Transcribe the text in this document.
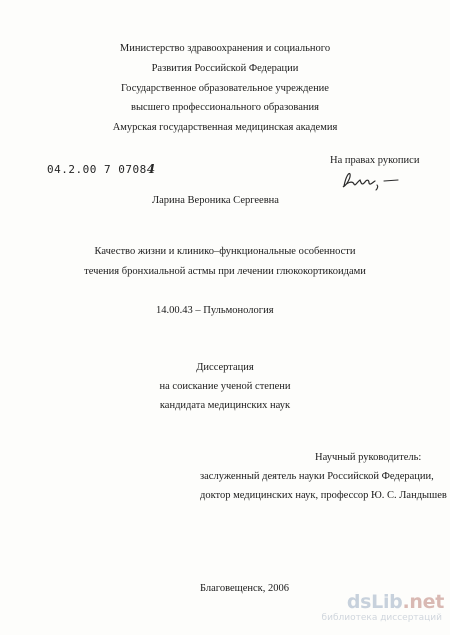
Министерство здравоохранения и социального
Развития Российской Федерации
Государственное образовательное учреждение
высшего профессионального образования
Амурская государственная медицинская академия
На правах рукописи
04.2.00 7 07084
Ларина Вероника Сергеевна
Качество жизни и клинико–функциональные особенности
течения бронхиальной астмы при лечении глюкокортикоидами
14.00.43 – Пульмонология
Диссертация
на соискание ученой степени
кандидата медицинских наук
Научный руководитель:
заслуженный деятель науки Российской Федерации,
доктор медицинских наук, профессор Ю. С. Ландышев
Благовещенск, 2006
dsLib.net
библиотека диссертаций
